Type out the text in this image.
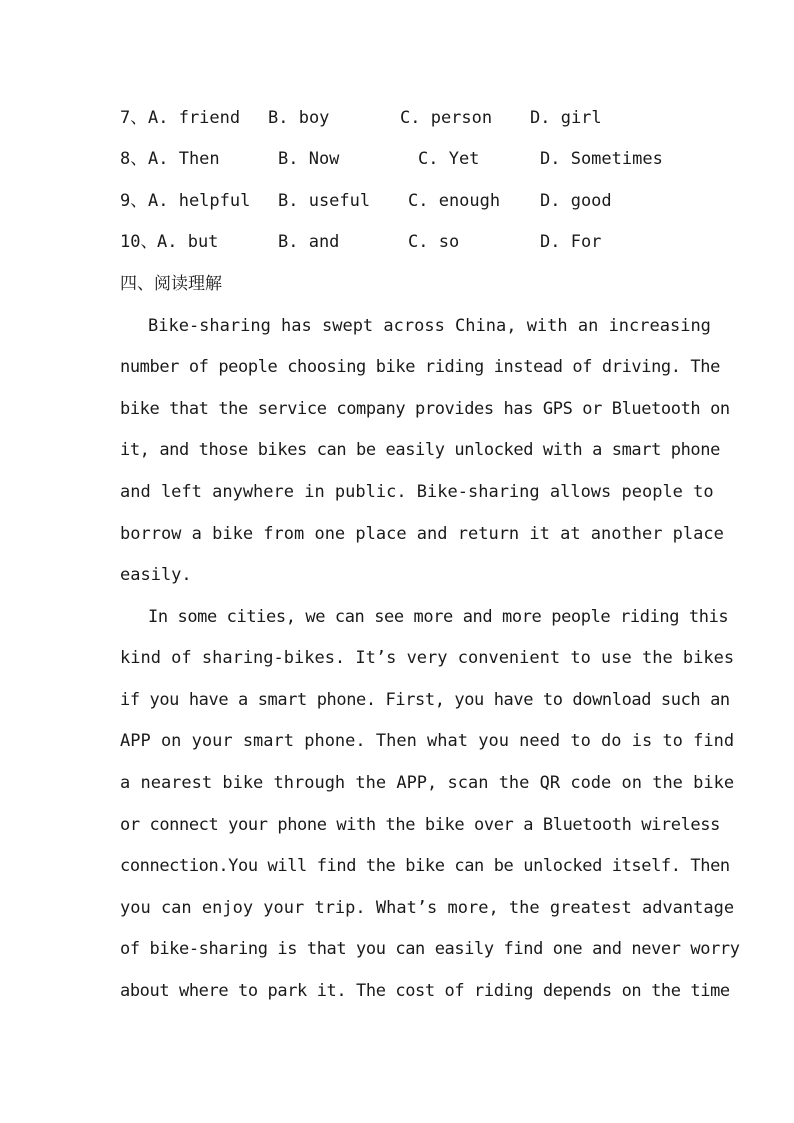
7、

A. friend

B. boy

	C. person

D. girl

8、

A. Then

	B. Now

	C. Yet

	D. Sometimes

9、

A. helpful

B. useful

C. enough

D. good

10、

A. but

	B. and

	C. so

	D. For

四、阅读理解
Bike-sharing has swept across China, with an increasing
number of people choosing bike riding instead of driving. The
bike that the service company provides has GPS or Bluetooth on
it, and those bikes can be easily unlocked with a smart phone
and left anywhere in public. Bike-sharing allows people to
borrow a bike from one place and return it at another place
easily.
In some cities, we can see more and more people riding this
kind of sharing-bikes. It’s very convenient to use the bikes
if you have a smart phone. First, you have to download such an
APP on your smart phone. Then what you need to do is to find
a nearest bike through the APP, scan the QR code on the bike
or connect your phone with the bike over a Bluetooth wireless
connection.You will find the bike can be unlocked itself. Then
you can enjoy your trip. What’s more, the greatest advantage
of bike-sharing is that you can easily find one and never worry
about where to park it. The cost of riding depends on the time
